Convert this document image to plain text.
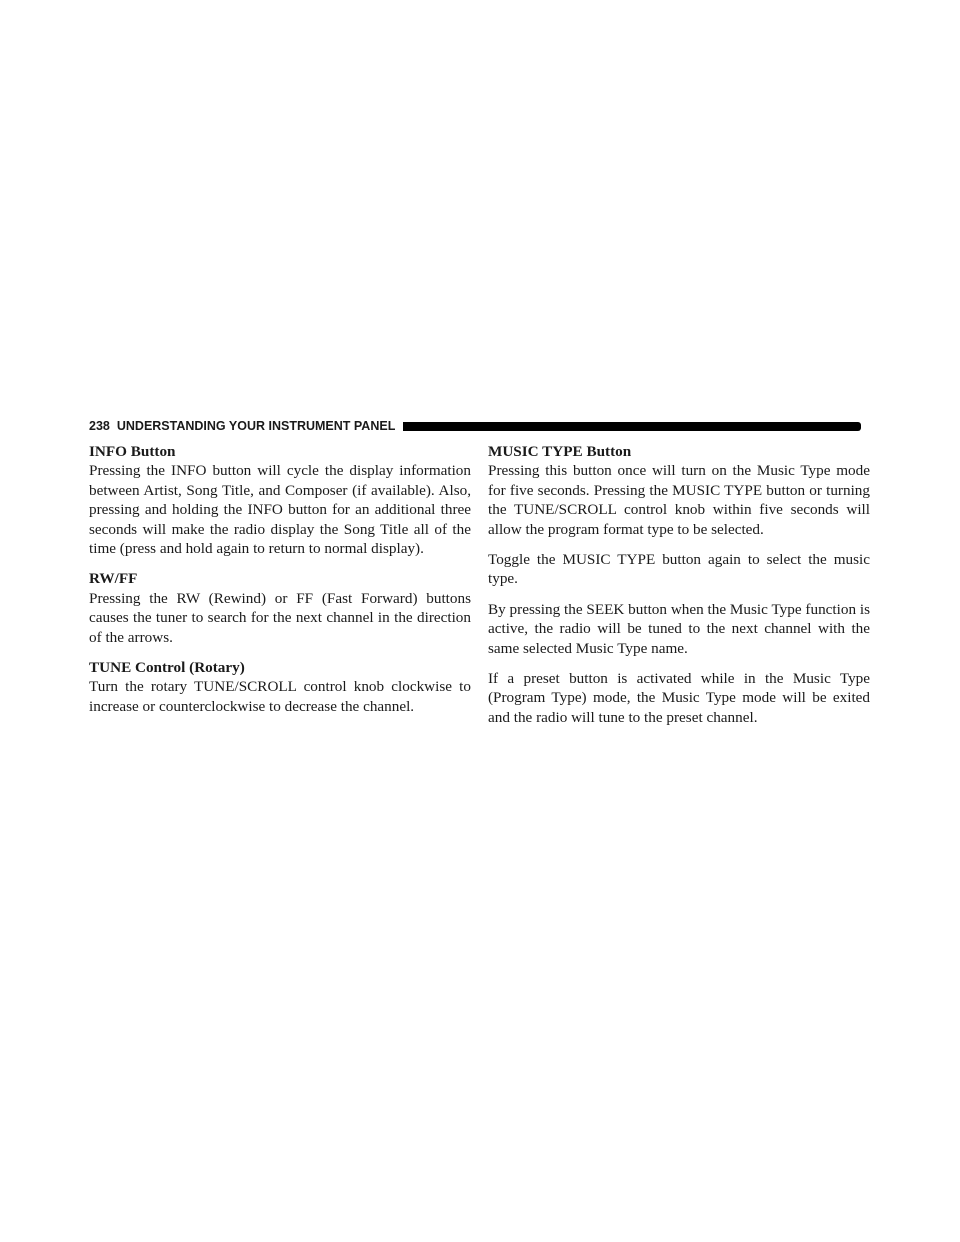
238 UNDERSTANDING YOUR INSTRUMENT PANEL
INFO Button

Pressing the INFO button will cycle the display information between Artist, Song Title, and Composer (if available). Also, pressing and holding the INFO button for an additional three seconds will make the radio display the Song Title all of the time (press and hold again to return to normal display).

RW/FF

Pressing the RW (Rewind) or FF (Fast Forward) buttons causes the tuner to search for the next channel in the direction of the arrows.

TUNE Control (Rotary)

Turn the rotary TUNE/SCROLL control knob clockwise to increase or counterclockwise to decrease the channel.

MUSIC TYPE Button

Pressing this button once will turn on the Music Type mode for five seconds. Pressing the MUSIC TYPE button or turning the TUNE/SCROLL control knob within five seconds will allow the program format type to be selected.

Toggle the MUSIC TYPE button again to select the music type.

By pressing the SEEK button when the Music Type function is active, the radio will be tuned to the next channel with the same selected Music Type name.

If a preset button is activated while in the Music Type (Program Type) mode, the Music Type mode will be exited and the radio will tune to the preset channel.
